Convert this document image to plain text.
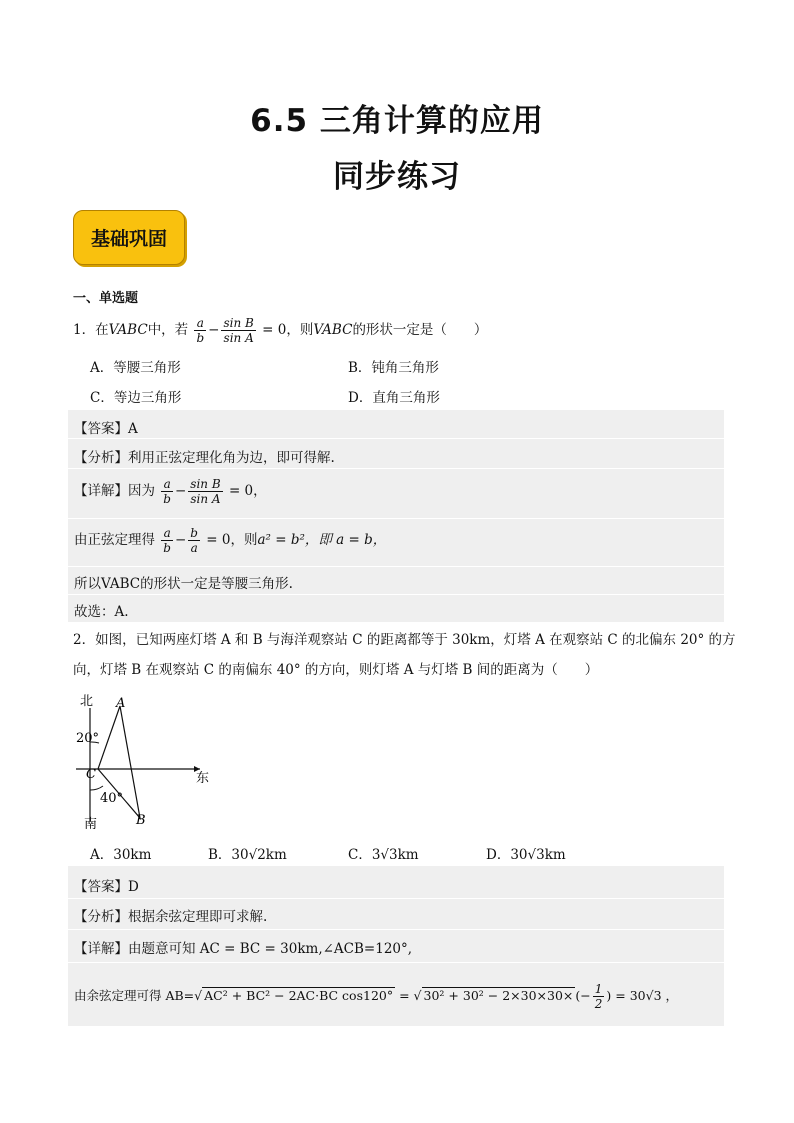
6.5 三角计算的应用
同步练习
基础巩固
一、单选题
1．在VABC中，若 $\frac{a}{b} - \frac{\text{sin B}}{\text{sin A}} = 0$，则VABC的形状一定是（　　）
A．等腰三角形	B．钝角三角形
C．等边三角形	D．直角三角形
【答案】A
【分析】利用正弦定理化角为边，即可得解.
【详解】因为 $\frac{a}{b} - \frac{\text{sin B}}{\text{sin A}} = 0$，
由正弦定理得 $\frac{a}{b} - \frac{b}{a} = 0$，则a² = b²，即 a = b，
所以VABC的形状一定是等腰三角形.
故选：A.
2．如图，已知两座灯塔 A 和 B 与海洋观察站 C 的距离都等于 30km，灯塔 A 在观察站 C 的北偏东 20° 的方
向，灯塔 B 在观察站 C 的南偏东 40° 的方向，则灯塔 A 与灯塔 B 间的距离为（　　）
北
南
东
A
B
C
20°
40°
A．30km	B．30√2km	C．3√3km	D．30√3km
【答案】D
【分析】根据余弦定理即可求解.
【详解】由题意可知 AC = BC = 30km,∠ACB=120°,
由余弦定理可得 AB=√ AC² + BC² − 2AC·BC cos120° = √ 30² + 30² − 2×30×30× (− $\frac{1}{2}$ ) = 30√3 ，
